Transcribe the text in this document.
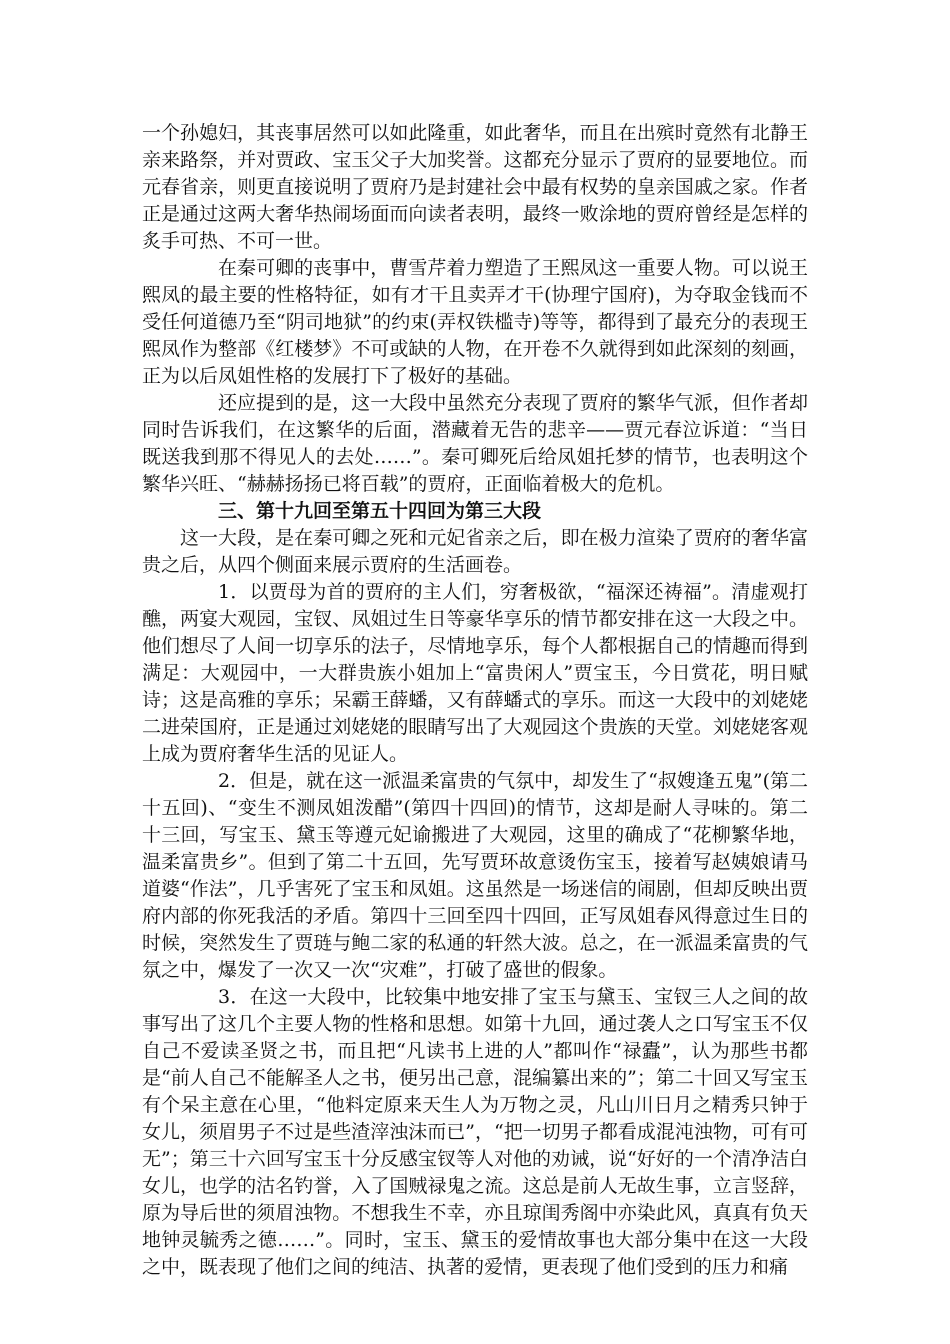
一个孙媳妇，其丧事居然可以如此隆重，如此奢华，而且在出殡时竟然有北静王亲来路祭，并对贾政、宝玉父子大加奖誉。这都充分显示了贾府的显要地位。而元春省亲，则更直接说明了贾府乃是封建社会中最有权势的皇亲国戚之家。作者正是通过这两大奢华热闹场面而向读者表明，最终一败涂地的贾府曾经是怎样的炙手可热、不可一世。

在秦可卿的丧事中，曹雪芹着力塑造了王熙凤这一重要人物。可以说王熙凤的最主要的性格特征，如有才干且卖弄才干(协理宁国府)，为夺取金钱而不受任何道德乃至“阴司地狱”的约束(弄权铁槛寺)等等，都得到了最充分的表现王熙凤作为整部《红楼梦》不可或缺的人物，在开卷不久就得到如此深刻的刻画，正为以后凤姐性格的发展打下了极好的基础。

还应提到的是，这一大段中虽然充分表现了贾府的繁华气派，但作者却同时告诉我们，在这繁华的后面，潜藏着无告的悲辛——贾元春泣诉道：“当日既送我到那不得见人的去处……”。秦可卿死后给凤姐托梦的情节，也表明这个繁华兴旺、“赫赫扬扬已将百载”的贾府，正面临着极大的危机。

三、第十九回至第五十四回为第三大段

这一大段，是在秦可卿之死和元妃省亲之后，即在极力渲染了贾府的奢华富贵之后，从四个侧面来展示贾府的生活画卷。

1．以贾母为首的贾府的主人们，穷奢极欲，“福深还祷福”。清虚观打醮，两宴大观园，宝钗、凤姐过生日等豪华享乐的情节都安排在这一大段之中。他们想尽了人间一切享乐的法子，尽情地享乐，每个人都根据自己的情趣而得到满足：大观园中，一大群贵族小姐加上“富贵闲人”贾宝玉，今日赏花，明日赋诗；这是高雅的享乐；呆霸王薛蟠，又有薛蟠式的享乐。而这一大段中的刘姥姥二进荣国府，正是通过刘姥姥的眼睛写出了大观园这个贵族的天堂。刘姥姥客观上成为贾府奢华生活的见证人。

2．但是，就在这一派温柔富贵的气氛中，却发生了“叔嫂逢五鬼”(第二十五回)、“变生不测凤姐泼醋”(第四十四回)的情节，这却是耐人寻味的。第二十三回，写宝玉、黛玉等遵元妃谕搬进了大观园，这里的确成了“花柳繁华地，温柔富贵乡”。但到了第二十五回，先写贾环故意烫伤宝玉，接着写赵姨娘请马道婆“作法”，几乎害死了宝玉和凤姐。这虽然是一场迷信的闹剧，但却反映出贾府内部的你死我活的矛盾。第四十三回至四十四回，正写凤姐春风得意过生日的时候，突然发生了贾琏与鲍二家的私通的轩然大波。总之，在一派温柔富贵的气氛之中，爆发了一次又一次“灾难”，打破了盛世的假象。

3．在这一大段中，比较集中地安排了宝玉与黛玉、宝钗三人之间的故事写出了这几个主要人物的性格和思想。如第十九回，通过袭人之口写宝玉不仅自己不爱读圣贤之书，而且把“凡读书上进的人”都叫作“禄蠹”，认为那些书都是“前人自己不能解圣人之书，便另出己意，混编纂出来的”；第二十回又写宝玉有个呆主意在心里，“他料定原来天生人为万物之灵，凡山川日月之精秀只钟于女儿，须眉男子不过是些渣滓浊沫而已”，“把一切男子都看成混沌浊物，可有可无”；第三十六回写宝玉十分反感宝钗等人对他的劝诫，说“好好的一个清净洁白女儿，也学的沽名钓誉，入了国贼禄鬼之流。这总是前人无故生事，立言竖辞，原为导后世的须眉浊物。不想我生不幸，亦且琼闺秀阁中亦染此风，真真有负天地钟灵毓秀之德……”。同时，宝玉、黛玉的爱情故事也大部分集中在这一大段之中，既表现了他们之间的纯洁、执著的爱情，更表现了他们受到的压力和痛
